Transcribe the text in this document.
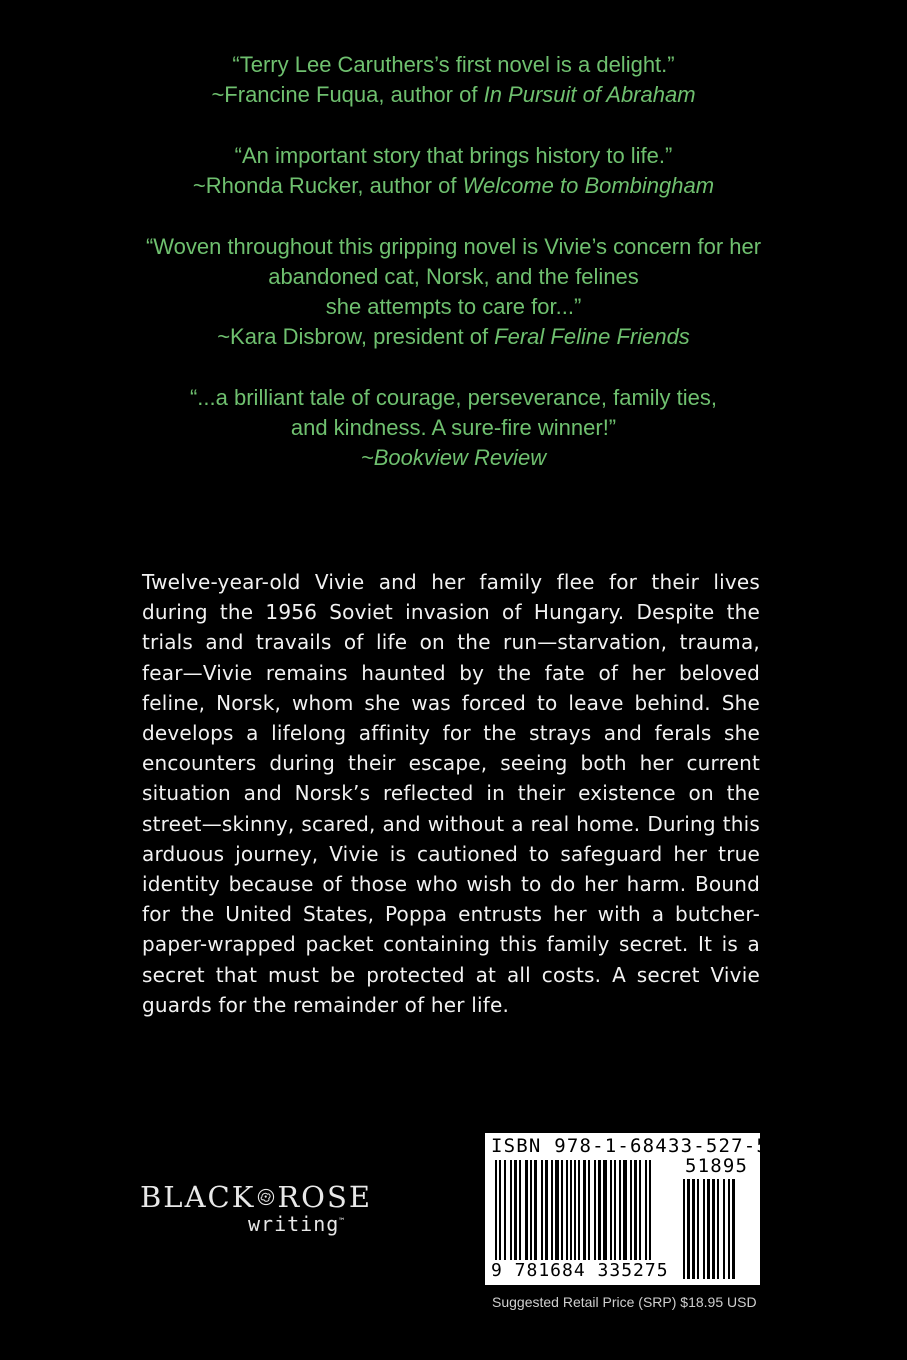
“Terry Lee Caruthers’s first novel is a delight.”

~Francine Fuqua, author of In Pursuit of Abraham

“An important story that brings history to life.”

~Rhonda Rucker, author of Welcome to Bombingham

“Woven throughout this gripping novel is Vivie’s concern for her

abandoned cat, Norsk, and the felines

she attempts to care for...”

~Kara Disbrow, president of Feral Feline Friends

“...a brilliant tale of courage, perseverance, family ties,

and kindness. A sure-fire winner!”

~Bookview Review

Twelve-year-old Vivie and her family flee for their lives during the 1956 Soviet invasion of Hungary. Despite the trials and travails of life on the run—starvation, trauma, fear—Vivie remains haunted by the fate of her beloved feline, Norsk, whom she was forced to leave behind. She develops a lifelong affinity for the strays and ferals she encounters during their escape, seeing both her current situation and Norsk’s reflected in their existence on the street—skinny, scared, and without a real home. During this arduous journey, Vivie is cautioned to safeguard her true identity because of those who wish to do her harm. Bound for the United States, Poppa entrusts her with a butcher-paper-wrapped packet containing this family secret. It is a secret that must be protected at all costs. A secret Vivie guards for the remainder of her life.

BLACK ROSE
writing™
ISBN 978-1-68433-527-5
51895
9 781684 335275
Suggested Retail Price (SRP) $18.95 USD
